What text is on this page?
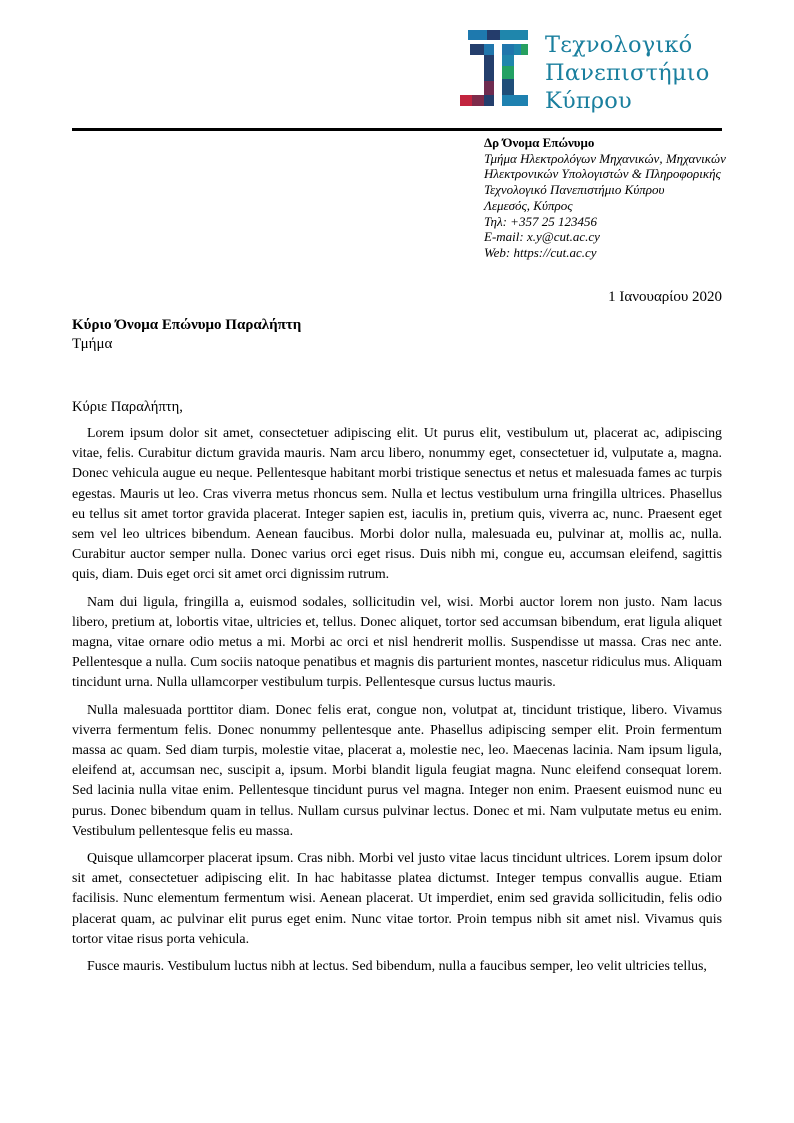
Τεχνολογικό
Πανεπιστήμιο
Κύπρου
Δρ Όνομα Επώνυμο
Τμήμα Ηλεκτρολόγων Μηχανικών, Μηχανικών
Ηλεκτρονικών Υπολογιστών & Πληροφορικής
Τεχνολογικό Πανεπιστήμιο Κύπρου
Λεμεσός, Κύπρος
Τηλ: +357 25 123456
E-mail: x.y@cut.ac.cy
Web: https://cut.ac.cy
1 Ιανουαρίου 2020
Κύριο Όνομα Επώνυμο Παραλήπτη
Τμήμα
Κύριε Παραλήπτη,

Lorem ipsum dolor sit amet, consectetuer adipiscing elit. Ut purus elit, vestibulum ut, placerat ac, adipiscing vitae, felis. Curabitur dictum gravida mauris. Nam arcu libero, nonummy eget, consectetuer id, vulputate a, magna. Donec vehicula augue eu neque. Pellentesque habitant morbi tristique senectus et netus et malesuada fames ac turpis egestas. Mauris ut leo. Cras viverra metus rhoncus sem. Nulla et lectus vestibulum urna fringilla ultrices. Phasellus eu tellus sit amet tortor gravida placerat. Integer sapien est, iaculis in, pretium quis, viverra ac, nunc. Praesent eget sem vel leo ultrices bibendum. Aenean faucibus. Morbi dolor nulla, malesuada eu, pulvinar at, mollis ac, nulla. Curabitur auctor semper nulla. Donec varius orci eget risus. Duis nibh mi, congue eu, accumsan eleifend, sagittis quis, diam. Duis eget orci sit amet orci dignissim rutrum.

Nam dui ligula, fringilla a, euismod sodales, sollicitudin vel, wisi. Morbi auctor lorem non justo. Nam lacus libero, pretium at, lobortis vitae, ultricies et, tellus. Donec aliquet, tortor sed accumsan bibendum, erat ligula aliquet magna, vitae ornare odio metus a mi. Morbi ac orci et nisl hendrerit mollis. Suspendisse ut massa. Cras nec ante. Pellentesque a nulla. Cum sociis natoque penatibus et magnis dis parturient montes, nascetur ridiculus mus. Aliquam tincidunt urna. Nulla ullamcorper vestibulum turpis. Pellentesque cursus luctus mauris.

Nulla malesuada porttitor diam. Donec felis erat, congue non, volutpat at, tincidunt tristique, libero. Vivamus viverra fermentum felis. Donec nonummy pellentesque ante. Phasellus adipiscing semper elit. Proin fermentum massa ac quam. Sed diam turpis, molestie vitae, placerat a, molestie nec, leo. Maecenas lacinia. Nam ipsum ligula, eleifend at, accumsan nec, suscipit a, ipsum. Morbi blandit ligula feugiat magna. Nunc eleifend consequat lorem. Sed lacinia nulla vitae enim. Pellentesque tincidunt purus vel magna. Integer non enim. Praesent euismod nunc eu purus. Donec bibendum quam in tellus. Nullam cursus pulvinar lectus. Donec et mi. Nam vulputate metus eu enim. Vestibulum pellentesque felis eu massa.

Quisque ullamcorper placerat ipsum. Cras nibh. Morbi vel justo vitae lacus tincidunt ultrices. Lorem ipsum dolor sit amet, consectetuer adipiscing elit. In hac habitasse platea dictumst. Integer tempus convallis augue. Etiam facilisis. Nunc elementum fermentum wisi. Aenean placerat. Ut imperdiet, enim sed gravida sollicitudin, felis odio placerat quam, ac pulvinar elit purus eget enim. Nunc vitae tortor. Proin tempus nibh sit amet nisl. Vivamus quis tortor vitae risus porta vehicula.

Fusce mauris. Vestibulum luctus nibh at lectus. Sed bibendum, nulla a faucibus semper, leo velit ultricies tellus,
